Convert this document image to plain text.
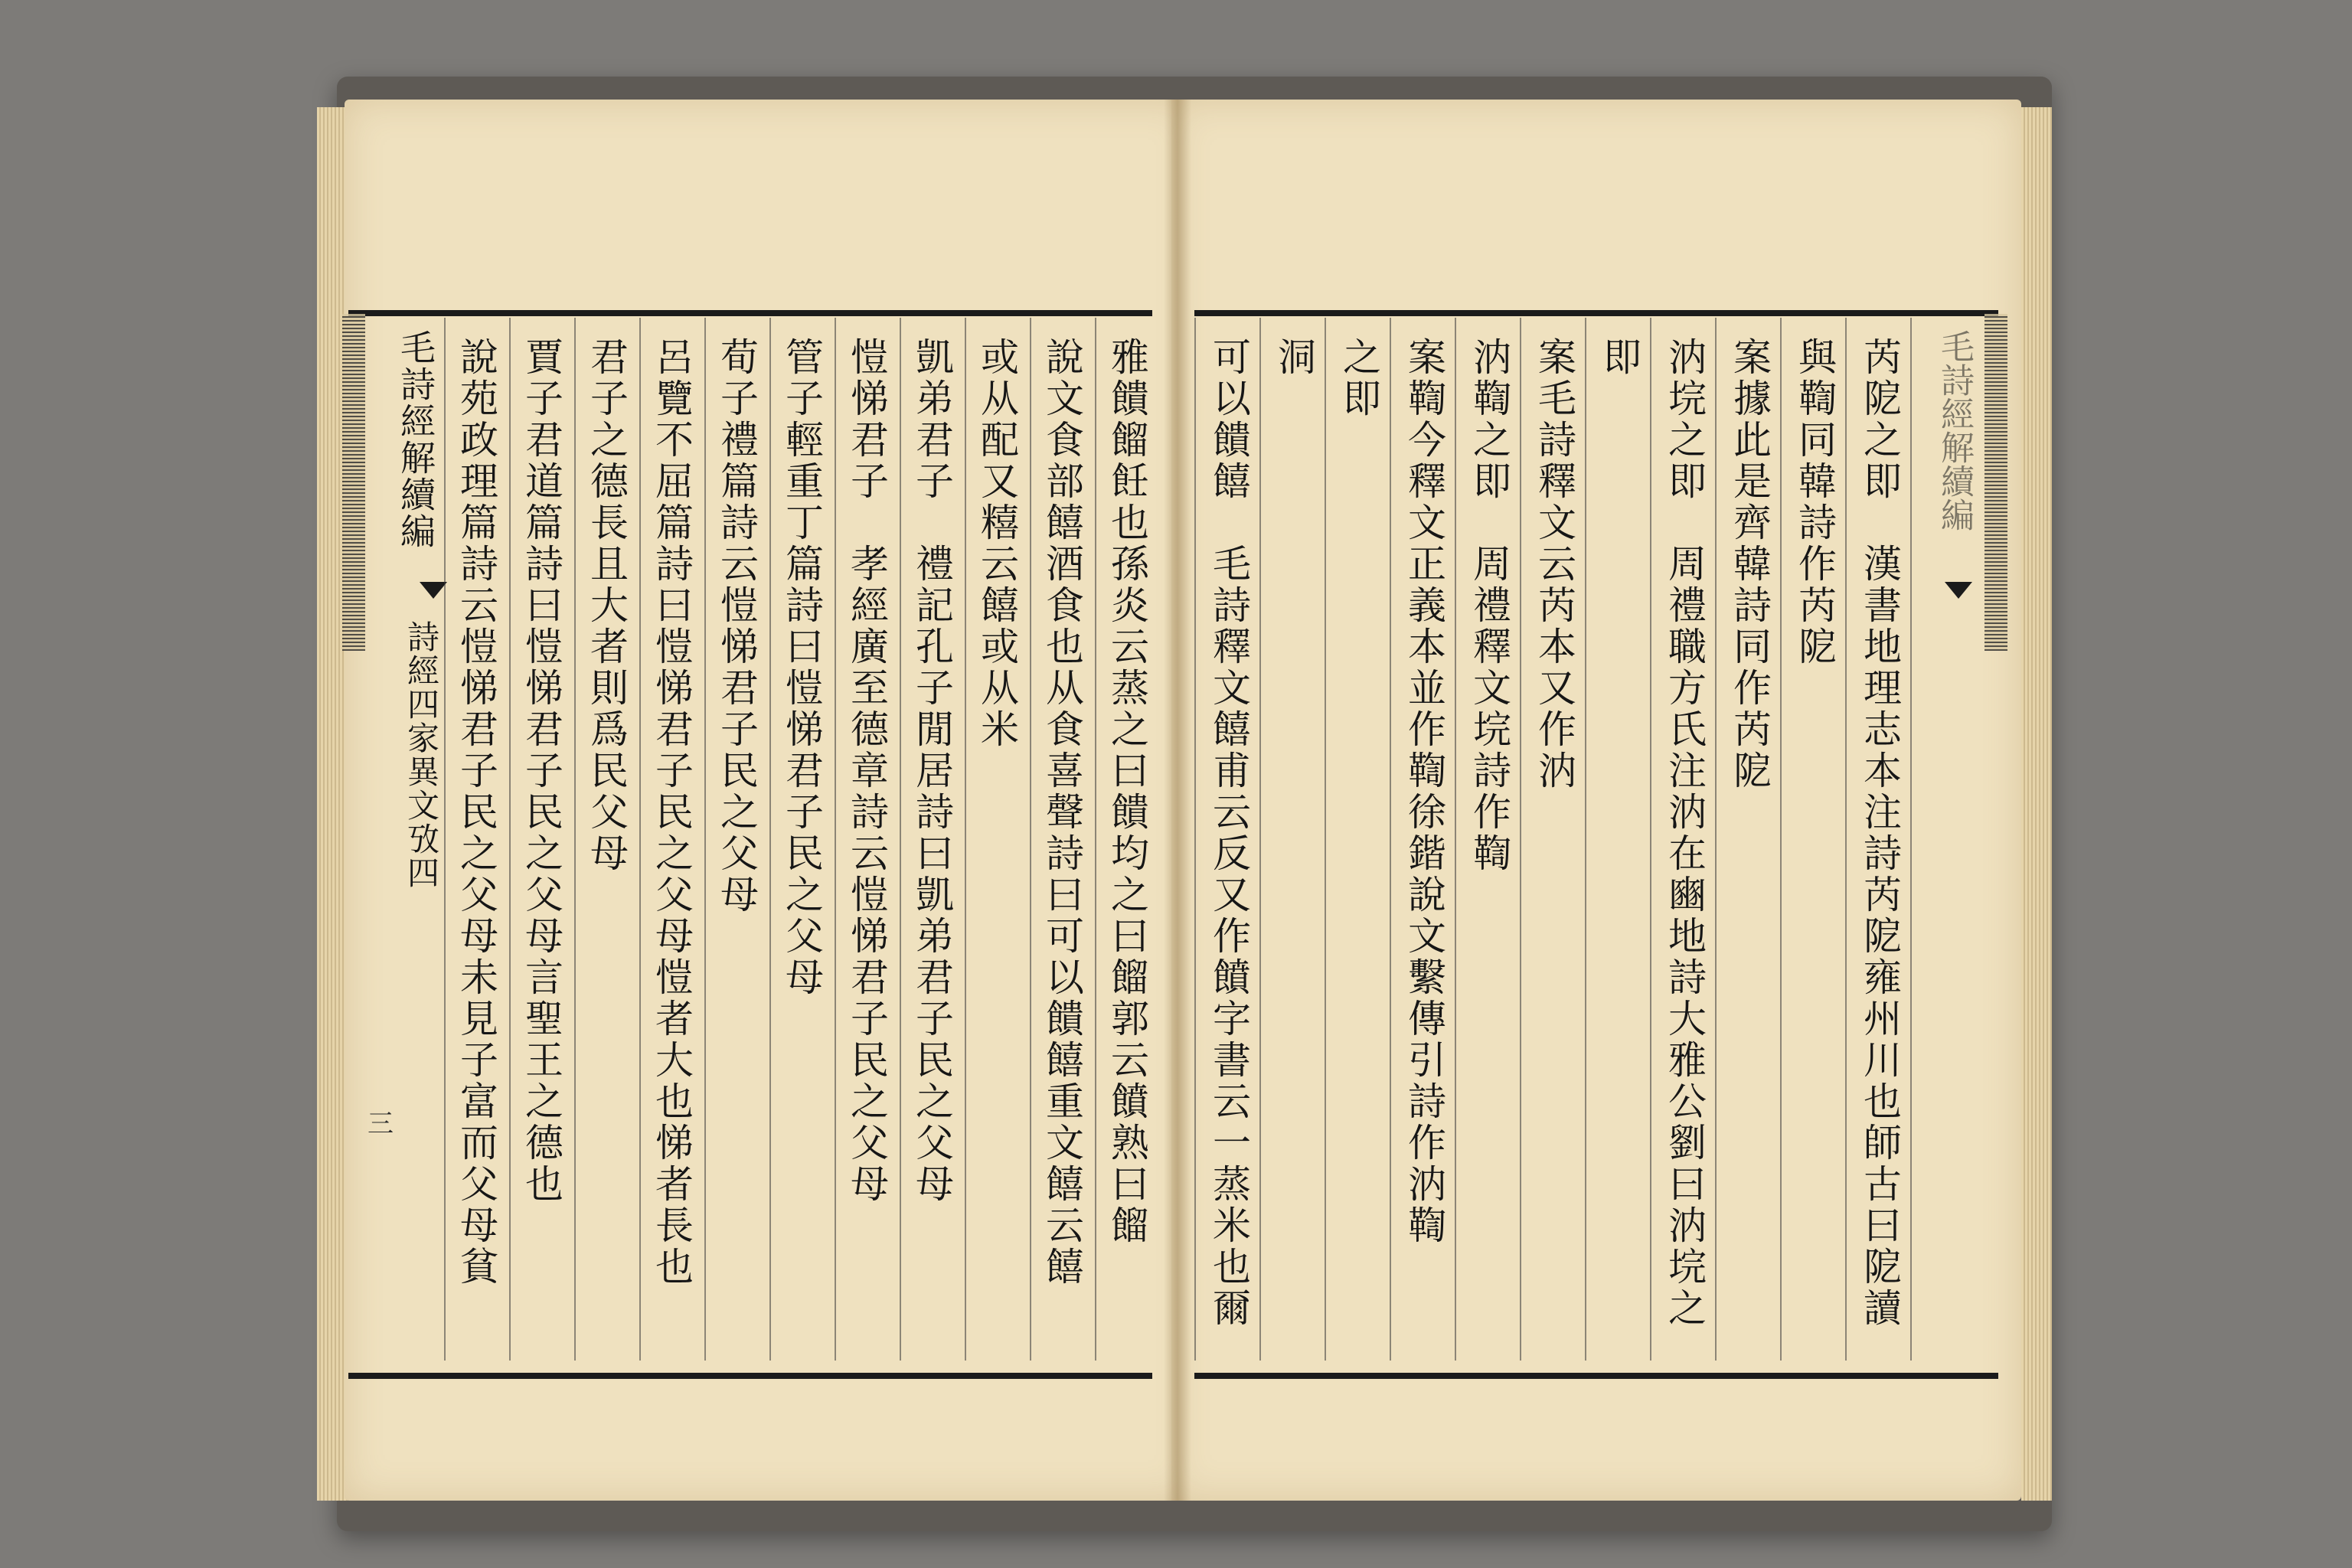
毛詩經解續編
詩經四家異文攷四
三	雅饋餾飪也孫炎云蒸之曰饋均之曰餾郭云饙熟曰餾
說文食部饎酒食也从食喜聲詩曰可以饋饎重文饎云饎
或从配又糦云饎或从米
凱弟君子　禮記孔子閒居詩曰凱弟君子民之父母
愷悌君子　孝經廣至德章詩云愷悌君子民之父母
管子輕重丁篇詩曰愷悌君子民之父母
荀子禮篇詩云愷悌君子民之父母
呂覽不屈篇詩曰愷悌君子民之父母愷者大也悌者長也
君子之德長且大者則爲民父母
賈子君道篇詩曰愷悌君子民之父母言聖王之德也
說苑政理篇詩云愷悌君子民之父母未見子富而父母貧	芮阸之即　漢書地理志本注詩芮阸雍州川也師古曰阸讀
與鞫同韓詩作芮阸
案據此是齊韓詩同作芮阸
汭垸之即　周禮職方氏注汭在豳地詩大雅公劉曰汭垸之
即
案毛詩釋文云芮本又作汭
汭鞫之即　周禮釋文垸詩作鞫
案鞫今釋文正義本並作鞫徐鍇說文繫傳引詩作汭鞫
之即
洞
可以饋饎　毛詩釋文饎甫云反又作饙字書云一蒸米也爾	毛詩經解續編
